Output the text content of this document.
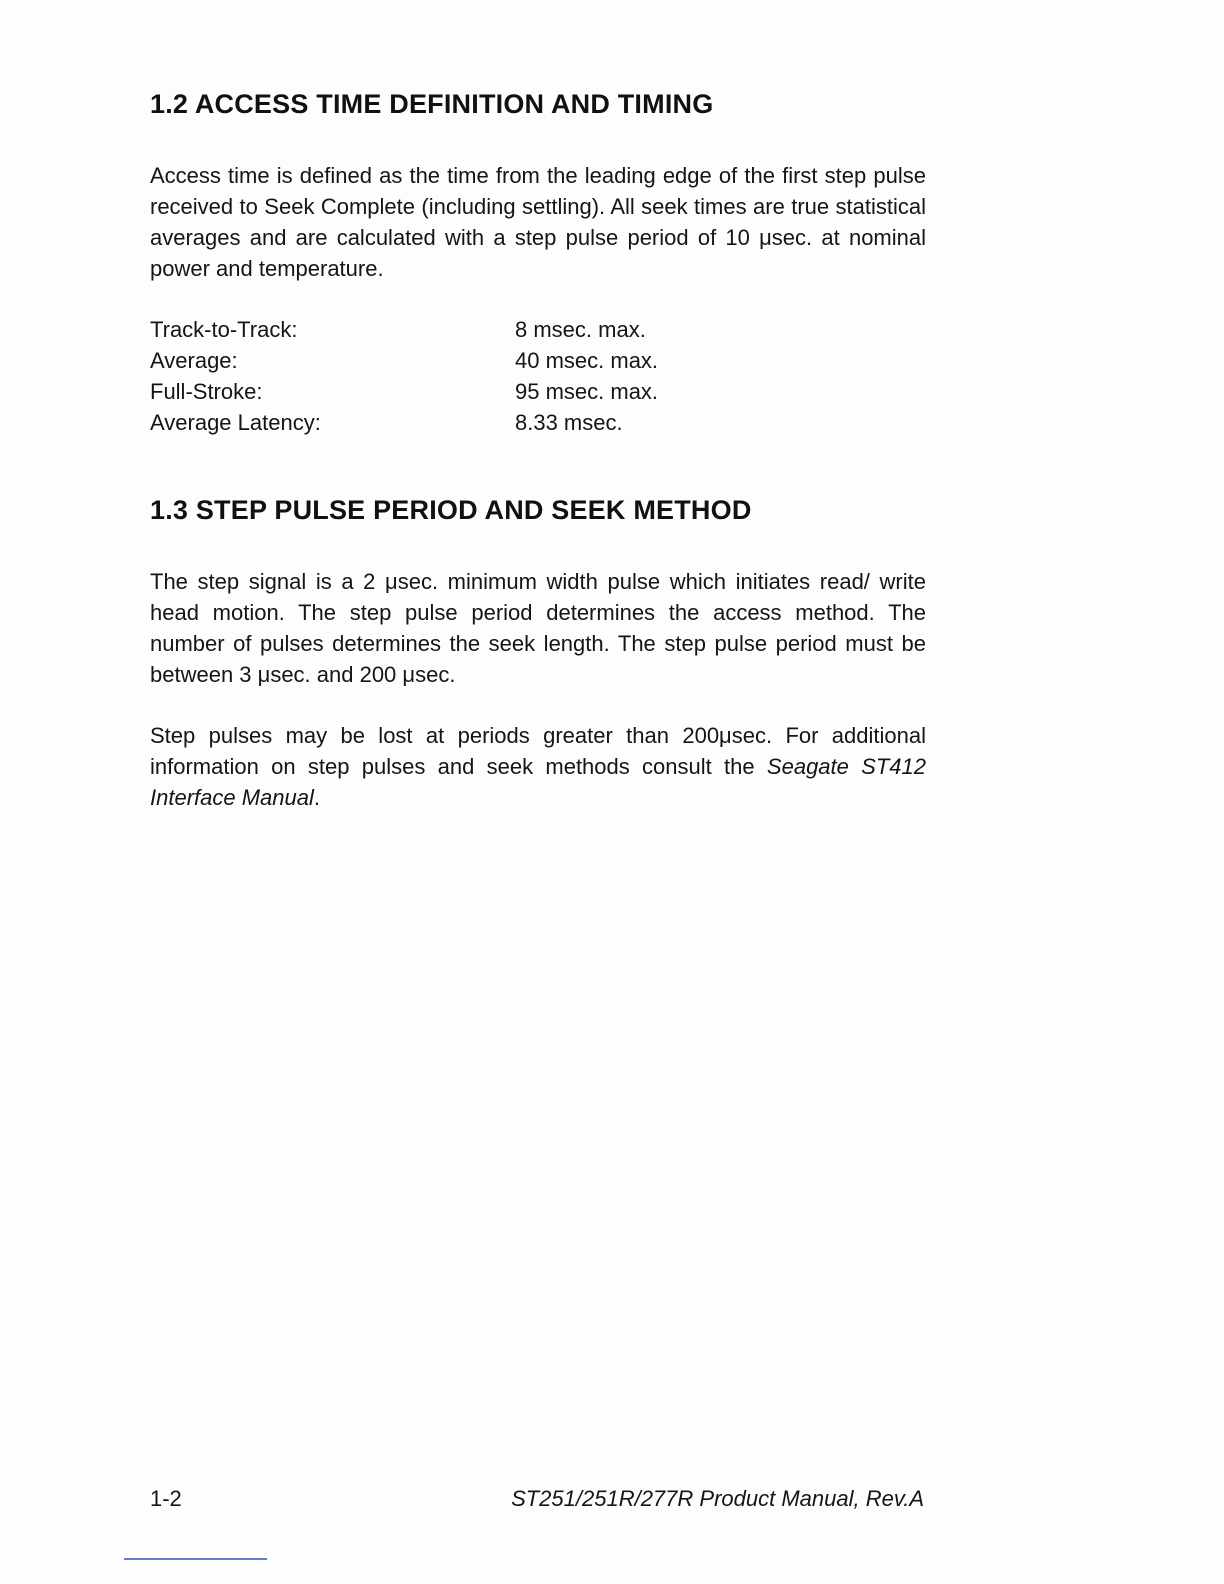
1.2 ACCESS TIME DEFINITION AND TIMING

Access time is defined as the time from the leading edge of the first step pulse received to Seek Complete (including settling). All seek times are true statistical averages and are calculated with a step pulse period of 10 μsec. at nominal power and temperature.

Track-to-Track:	8 msec. max.
Average:	40 msec. max.
Full-Stroke:	95 msec. max.
Average Latency:	8.33 msec.
1.3 STEP PULSE PERIOD AND SEEK METHOD

The step signal is a 2 μsec. minimum width pulse which initiates read/ write head motion. The step pulse period determines the access method. The number of pulses determines the seek length. The step pulse period must be between 3 μsec. and 200 μsec.

Step pulses may be lost at periods greater than 200μsec. For additional information on step pulses and seek methods consult the Seagate ST412 Interface Manual.

1-2	ST251/251R/277R Product Manual, Rev.A
